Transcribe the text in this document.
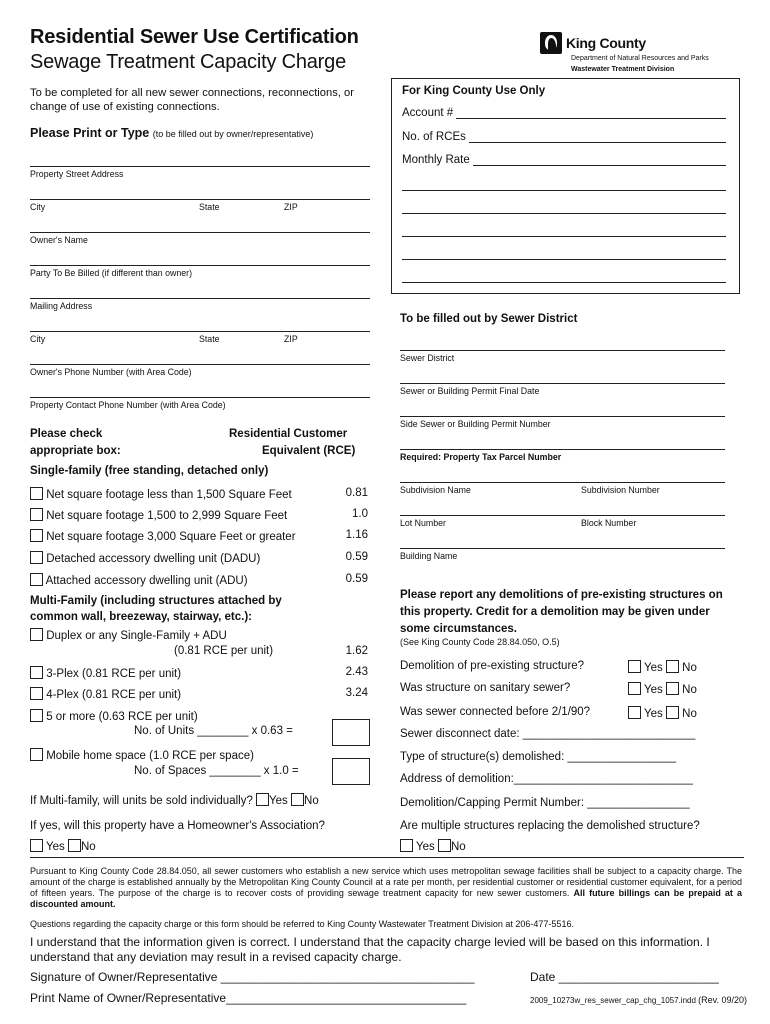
Residential Sewer Use Certification
Sewage Treatment Capacity Charge
King County
Department of Natural Resources and Parks
Wastewater Treatment Division
To be completed for all new sewer connections, reconnections, or change of use of existing connections.
Please Print or Type (to be filled out by owner/representative)
Property Street Address
City	State	ZIP
Owner's Name
Party To Be Billed (if different than owner)
Mailing Address
City	State	ZIP
Owner's Phone Number (with Area Code)
Property Contact Phone Number (with Area Code)
For King County Use Only
Account #
No. of RCEs
Monthly Rate
To be filled out by Sewer District
Sewer District
Sewer or Building Permit Final Date
Side Sewer or Building Permit Number
Required: Property Tax Parcel Number
Subdivision Name	Subdivision Number
Lot Number	Block Number
Building Name
Please check
appropriate box:
Residential Customer
Equivalent (RCE)
Single-family (free standing, detached only)
Net square footage less than 1,500 Square Feet	0.81
Net square footage 1,500 to 2,999 Square Feet	1.0
Net square footage 3,000 Square Feet or greater	1.16
Detached accessory dwelling unit (DADU)	0.59
Attached accessory dwelling unit (ADU)	0.59
Multi-Family (including structures attached by
common wall, breezeway, stairway, etc.):
Duplex or any Single-Family + ADU
(0.81 RCE per unit)	1.62
3-Plex (0.81 RCE per unit)	2.43
4-Plex (0.81 RCE per unit)	3.24
5 or more (0.63 RCE per unit)
No. of Units ________ x 0.63 =
Mobile home space (1.0 RCE per space)
No. of Spaces ________ x 1.0 =
If Multi-family, will units be sold individually? Yes No
If yes, will this property have a Homeowner's Association?
Yes No
Please report any demolitions of pre-existing structures on this property. Credit for a demolition may be given under some circumstances.
(See King County Code 28.84.050, O.5)
Demolition of pre-existing structure?	Yes No
Was structure on sanitary sewer?	Yes No
Was sewer connected before 2/1/90?	Yes No
Sewer disconnect date: ___________________________
Type of structure(s) demolished: _________________
Address of demolition:____________________________
Demolition/Capping Permit Number: ________________
Are multiple structures replacing the demolished structure?
Yes No
Pursuant to King County Code 28.84.050, all sewer customers who establish a new service which uses metropolitan sewage facilities shall be subject to a capacity charge. The amount of the charge is established annually by the Metropolitan King County Council at a rate per month, per residential customer or residential customer equivalent, for a period of fifteen years. The purpose of the charge is to recover costs of providing sewage treatment capacity for new sewer customers. All future billings can be prepaid at a discounted amount.
Questions regarding the capacity charge or this form should be referred to King County Wastewater Treatment Division at 206-477-5516.
I understand that the information given is correct. I understand that the capacity charge levied will be based on this information. I understand that any deviation may result in a revised capacity charge.
Signature of Owner/Representative ______________________________________	Date ________________________
Print Name of Owner/Representative____________________________________	2009_10273w_res_sewer_cap_chg_1057.indd (Rev. 09/20)
